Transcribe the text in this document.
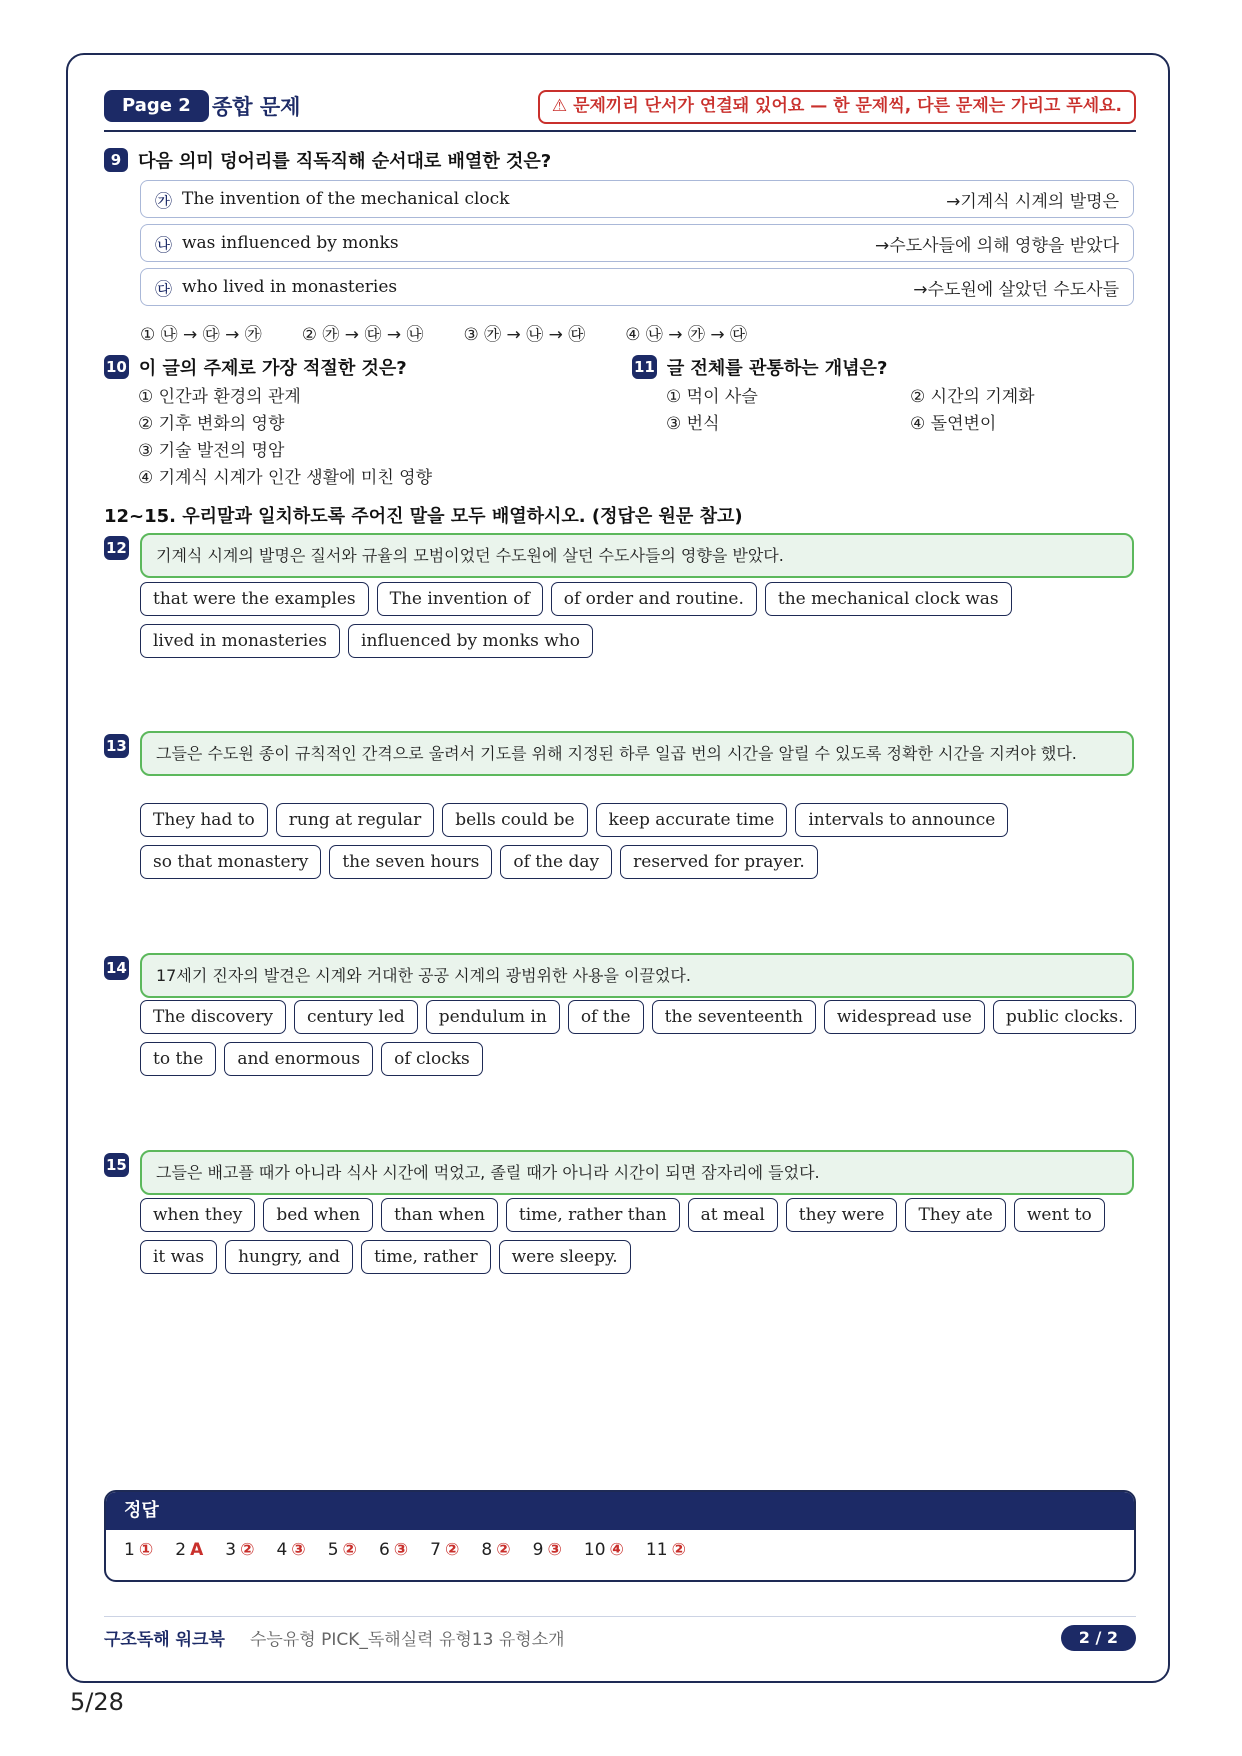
Page 2	종합 문제	⚠ 문제끼리 단서가 연결돼 있어요 — 한 문제씩, 다른 문제는 가리고 푸세요.
9 다음 의미 덩어리를 직독직해 순서대로 배열한 것은?
㉮ The invention of the mechanical clock	→기계식 시계의 발명은
㉯ was influenced by monks	→수도사들에 의해 영향을 받았다
㉰ who lived in monasteries	→수도원에 살았던 수도사들
① ㉯ → ㉰ → ㉮ ② ㉮ → ㉰ → ㉯ ③ ㉮ → ㉯ → ㉰ ④ ㉯ → ㉮ → ㉰
10 이 글의 주제로 가장 적절한 것은?
① 인간과 환경의 관계
② 기후 변화의 영향
③ 기술 발전의 명암
④ 기계식 시계가 인간 생활에 미친 영향
11 글 전체를 관통하는 개념은?
① 먹이 사슬	② 시간의 기계화
③ 번식	④ 돌연변이
12~15. 우리말과 일치하도록 주어진 말을 모두 배열하시오. (정답은 원문 참고)
12	기계식 시계의 발명은 질서와 규율의 모범이었던 수도원에 살던 수도사들의 영향을 받았다.
that were the examples	The invention of	of order and routine.	the mechanical clock was
lived in monasteries	influenced by monks who
13	그들은 수도원 종이 규칙적인 간격으로 울려서 기도를 위해 지정된 하루 일곱 번의 시간을 알릴 수 있도록 정확한 시간을 지켜야 했다.
They had to	rung at regular	bells could be	keep accurate time	intervals to announce
so that monastery	the seven hours	of the day	reserved for prayer.
14	17세기 진자의 발견은 시계와 거대한 공공 시계의 광범위한 사용을 이끌었다.
The discovery	century led	pendulum in	of the	the seventeenth	widespread use	public clocks.
to the	and enormous	of clocks
15	그들은 배고플 때가 아니라 식사 시간에 먹었고, 졸릴 때가 아니라 시간이 되면 잠자리에 들었다.
when they	bed when	than when	time, rather than	at meal	they were	They ate	went to
it was	hungry, and	time, rather	were sleepy.
정답
1 ① 2 A 3 ② 4 ③ 5 ② 6 ③ 7 ② 8 ② 9 ③ 10 ④ 11 ②
구조독해 워크북 수능유형 PICK_독해실력 유형13 유형소개	2 / 2
5/28
